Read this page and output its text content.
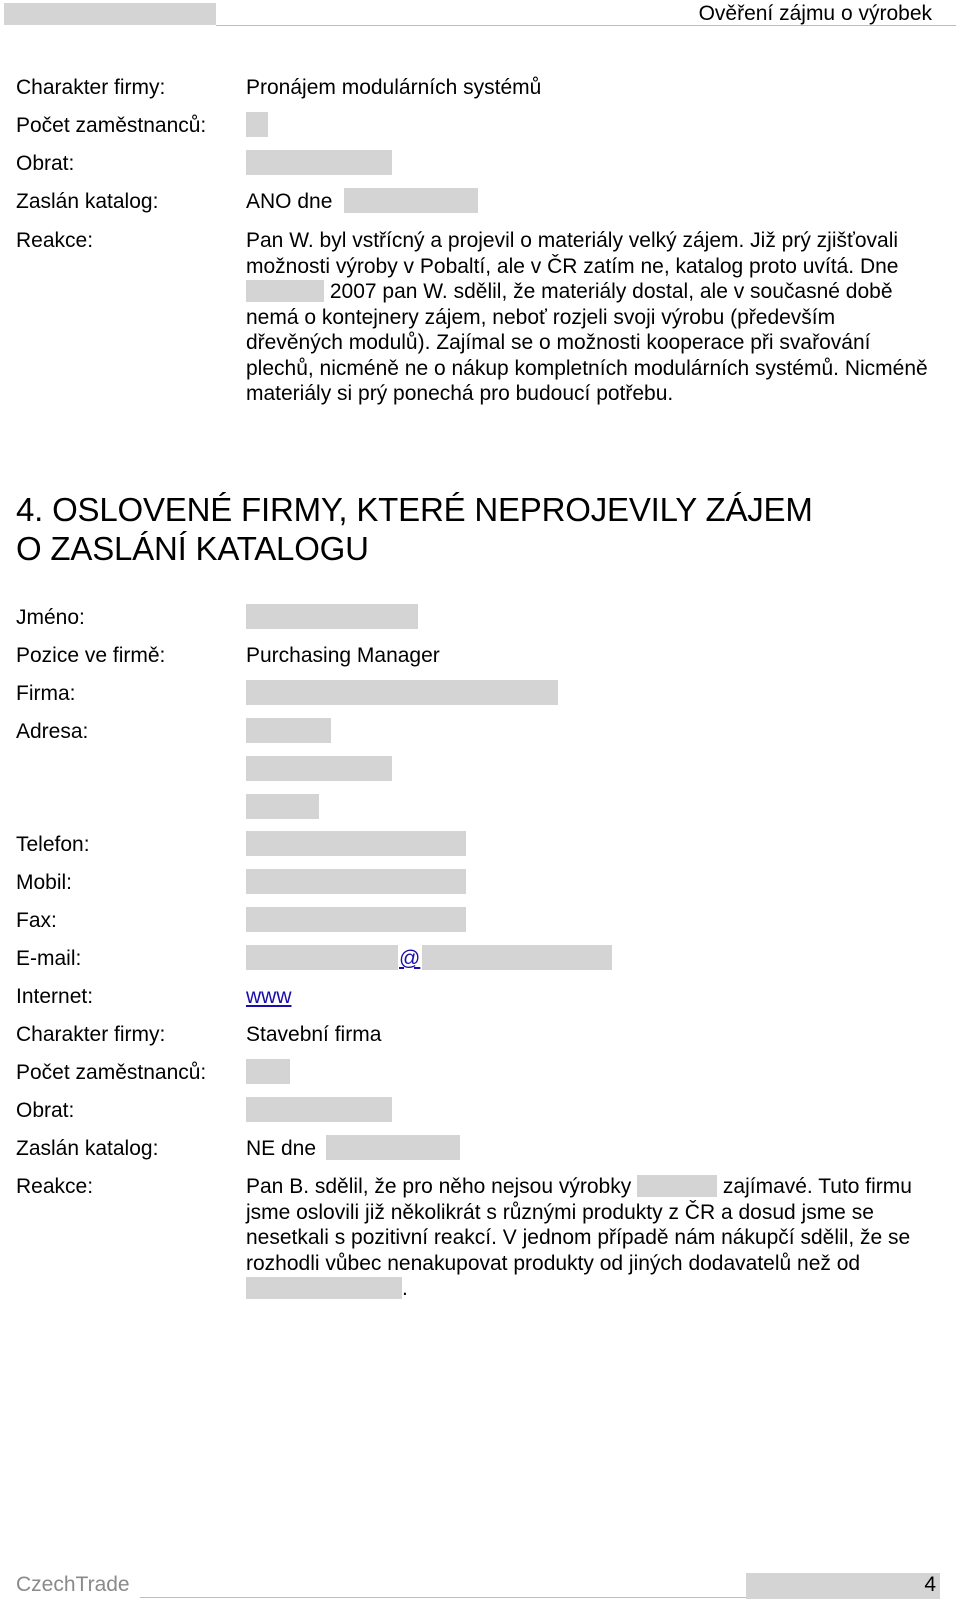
Ověření zájmu o výrobek
Charakter firmy:	Pronájem modulárních systémů
Počet zaměstnanců:
Obrat:
Zaslán katalog:	ANO dne
Reakce:	Pan W. byl vstřícný a projevil o materiály velký zájem. Již prý zjišťovali možnosti výroby v Pobaltí, ale v ČR zatím ne, katalog proto uvítá. Dne  2007 pan W. sdělil, že materiály dostal, ale v současné době nemá o kontejnery zájem, neboť rozjeli svoji výrobu (především dřevěných modulů). Zajímal se o možnosti kooperace při svařování plechů, nicméně ne o nákup kompletních modulárních systémů. Nicméně materiály si prý ponechá pro budoucí potřebu.
4. OSLOVENÉ FIRMY, KTERÉ NEPROJEVILY ZÁJEM
O ZASLÁNÍ KATALOGU
Jméno:
Pozice ve firmě:	Purchasing Manager
Firma:
Adresa:
Telefon:
Mobil:
Fax:
E-mail:	@
Internet:	www
Charakter firmy:	Stavební firma
Počet zaměstnanců:
Obrat:
Zaslán katalog:	NE dne
Reakce:	Pan B. sdělil, že pro něho nejsou výrobky	zajímavé. Tuto firmu jsme oslovili již několikrát s různými produkty z ČR a dosud jsme se nesetkali s pozitivní reakcí. V jednom případě nám nákupčí sdělil, že se rozhodli vůbec nenakupovat produkty od jiných dodavatelů než od .
CzechTrade	4
